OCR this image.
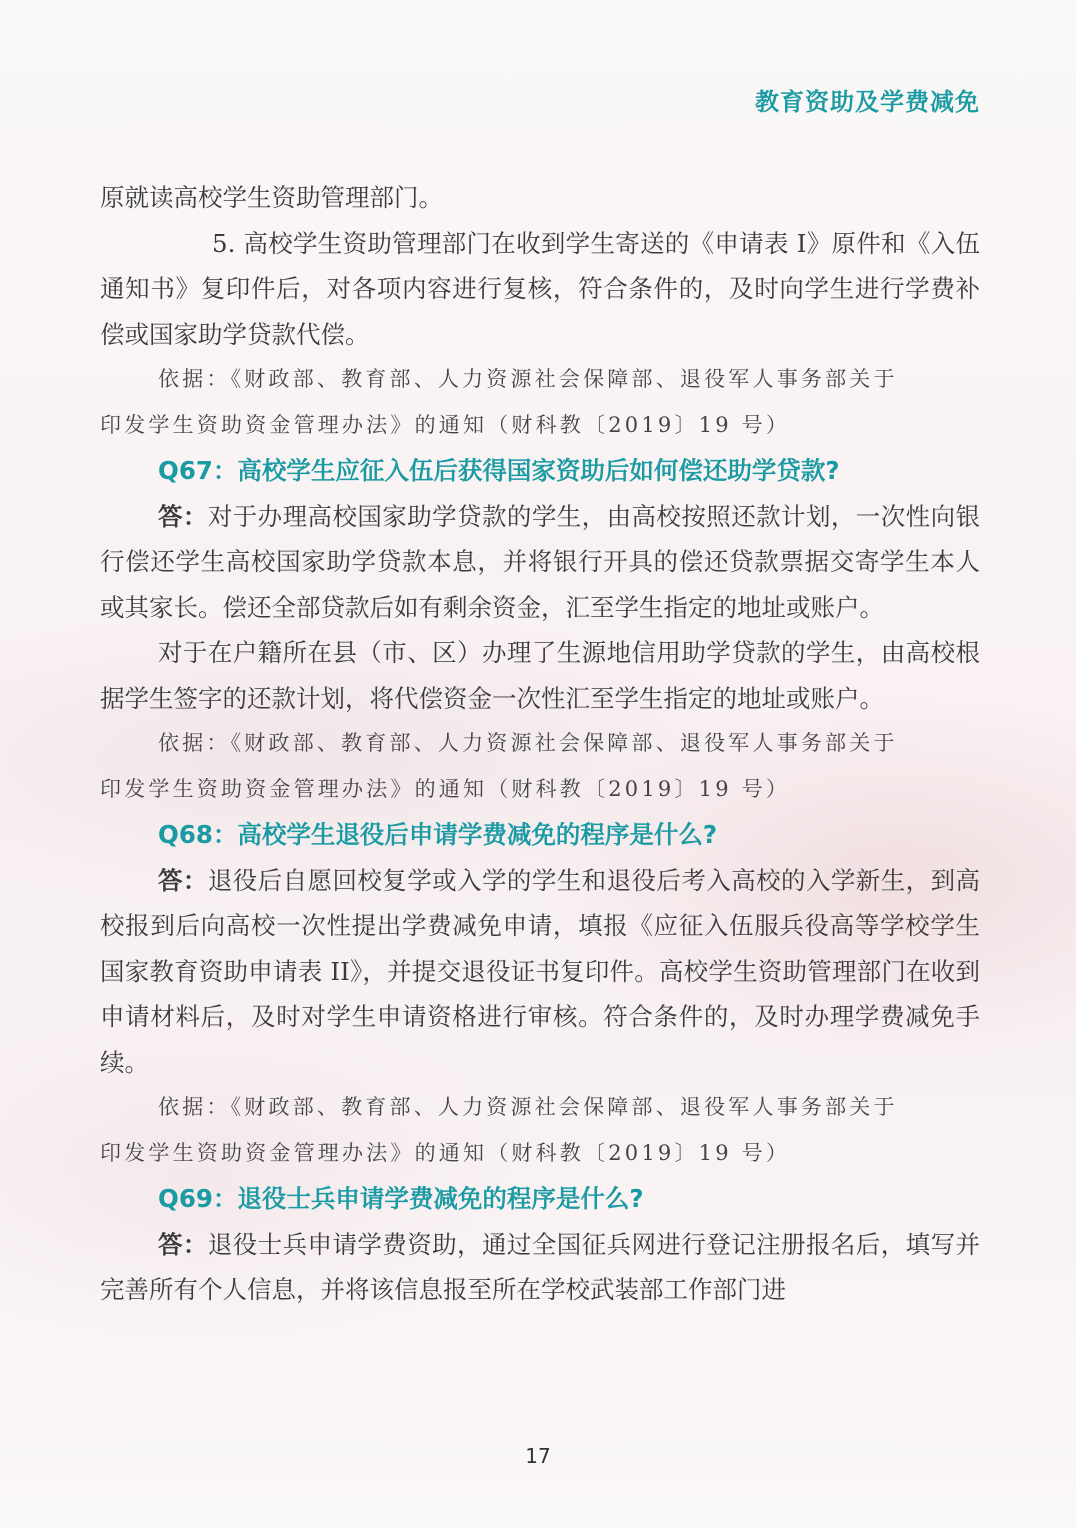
教育资助及学费减免

原就读高校学生资助管理部门。

5. 高校学生资助管理部门在收到学生寄送的《申请表 I》原件和《入伍通知书》复印件后，对各项内容进行复核，符合条件的，及时向学生进行学费补偿或国家助学贷款代偿。

依据：《财政部、教育部、人力资源社会保障部、退役军人事务部关于
印发学生资助资金管理办法》的通知（财科教〔2019〕19 号）

Q67：高校学生应征入伍后获得国家资助后如何偿还助学贷款?

答：对于办理高校国家助学贷款的学生，由高校按照还款计划，一次性向银行偿还学生高校国家助学贷款本息，并将银行开具的偿还贷款票据交寄学生本人或其家长。偿还全部贷款后如有剩余资金，汇至学生指定的地址或账户。

对于在户籍所在县（市、区）办理了生源地信用助学贷款的学生，由高校根据学生签字的还款计划，将代偿资金一次性汇至学生指定的地址或账户。

依据：《财政部、教育部、人力资源社会保障部、退役军人事务部关于
印发学生资助资金管理办法》的通知（财科教〔2019〕19 号）

Q68：高校学生退役后申请学费减免的程序是什么?

答：退役后自愿回校复学或入学的学生和退役后考入高校的入学新生，到高校报到后向高校一次性提出学费减免申请，填报《应征入伍服兵役高等学校学生国家教育资助申请表 II》，并提交退役证书复印件。高校学生资助管理部门在收到申请材料后，及时对学生申请资格进行审核。符合条件的，及时办理学费减免手续。

依据：《财政部、教育部、人力资源社会保障部、退役军人事务部关于
印发学生资助资金管理办法》的通知（财科教〔2019〕19 号）

Q69：退役士兵申请学费减免的程序是什么?

答：退役士兵申请学费资助，通过全国征兵网进行登记注册报名后，填写并完善所有个人信息，并将该信息报至所在学校武装部工作部门进

17
